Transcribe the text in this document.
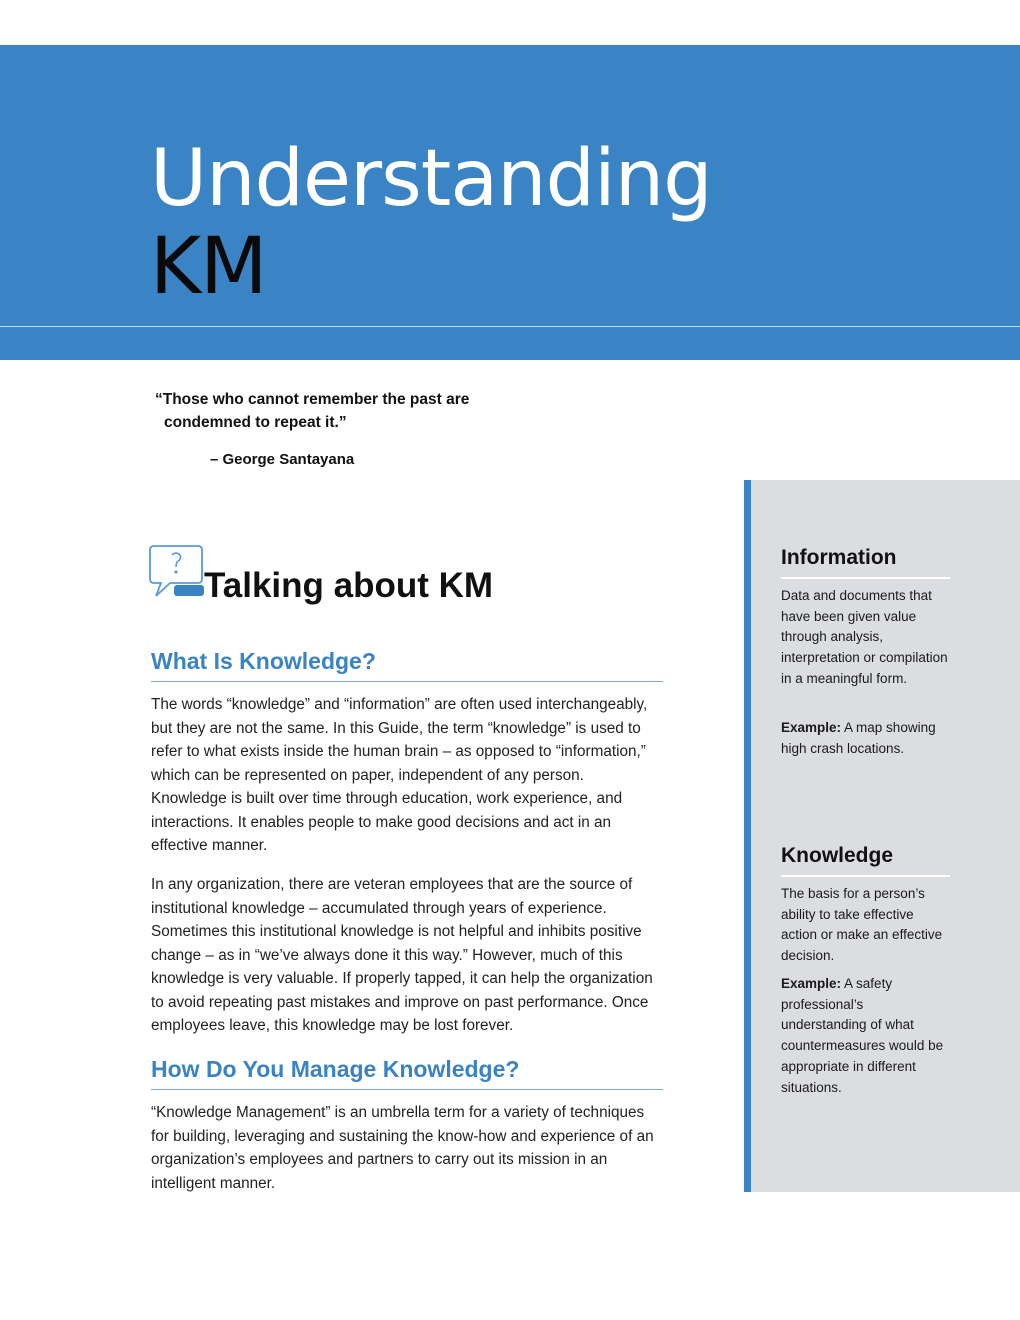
Understanding
KM
“Those who cannot remember the past are
condemned to repeat it.”
– George Santayana
Talking about KM
What Is Knowledge?

The words “knowledge” and “information” are often used interchangeably, but they are not the same. In this Guide, the term “knowledge” is used to refer to what exists inside the human brain – as opposed to “information,” which can be represented on paper, independent of any person. Knowledge is built over time through education, work experience, and interactions. It enables people to make good decisions and act in an effective manner.

In any organization, there are veteran employees that are the source of institutional knowledge – accumulated through years of experience. Sometimes this institutional knowledge is not helpful and inhibits positive change – as in “we’ve always done it this way.” However, much of this knowledge is very valuable. If properly tapped, it can help the organization to avoid repeating past mistakes and improve on past performance. Once employees leave, this knowledge may be lost forever.

How Do You Manage Knowledge?

“Knowledge Management” is an umbrella term for a variety of techniques for building, leveraging and sustaining the know-how and experience of an organization’s employees and partners to carry out its mission in an intelligent manner.

Information

Data and documents that have been given value through analysis, interpretation or compilation in a meaningful form.

Example: A map showing high crash locations.

Knowledge

The basis for a person’s ability to take effective action or make an effective decision.

Example: A safety professional’s understanding of what countermeasures would be appropriate in different situations.
